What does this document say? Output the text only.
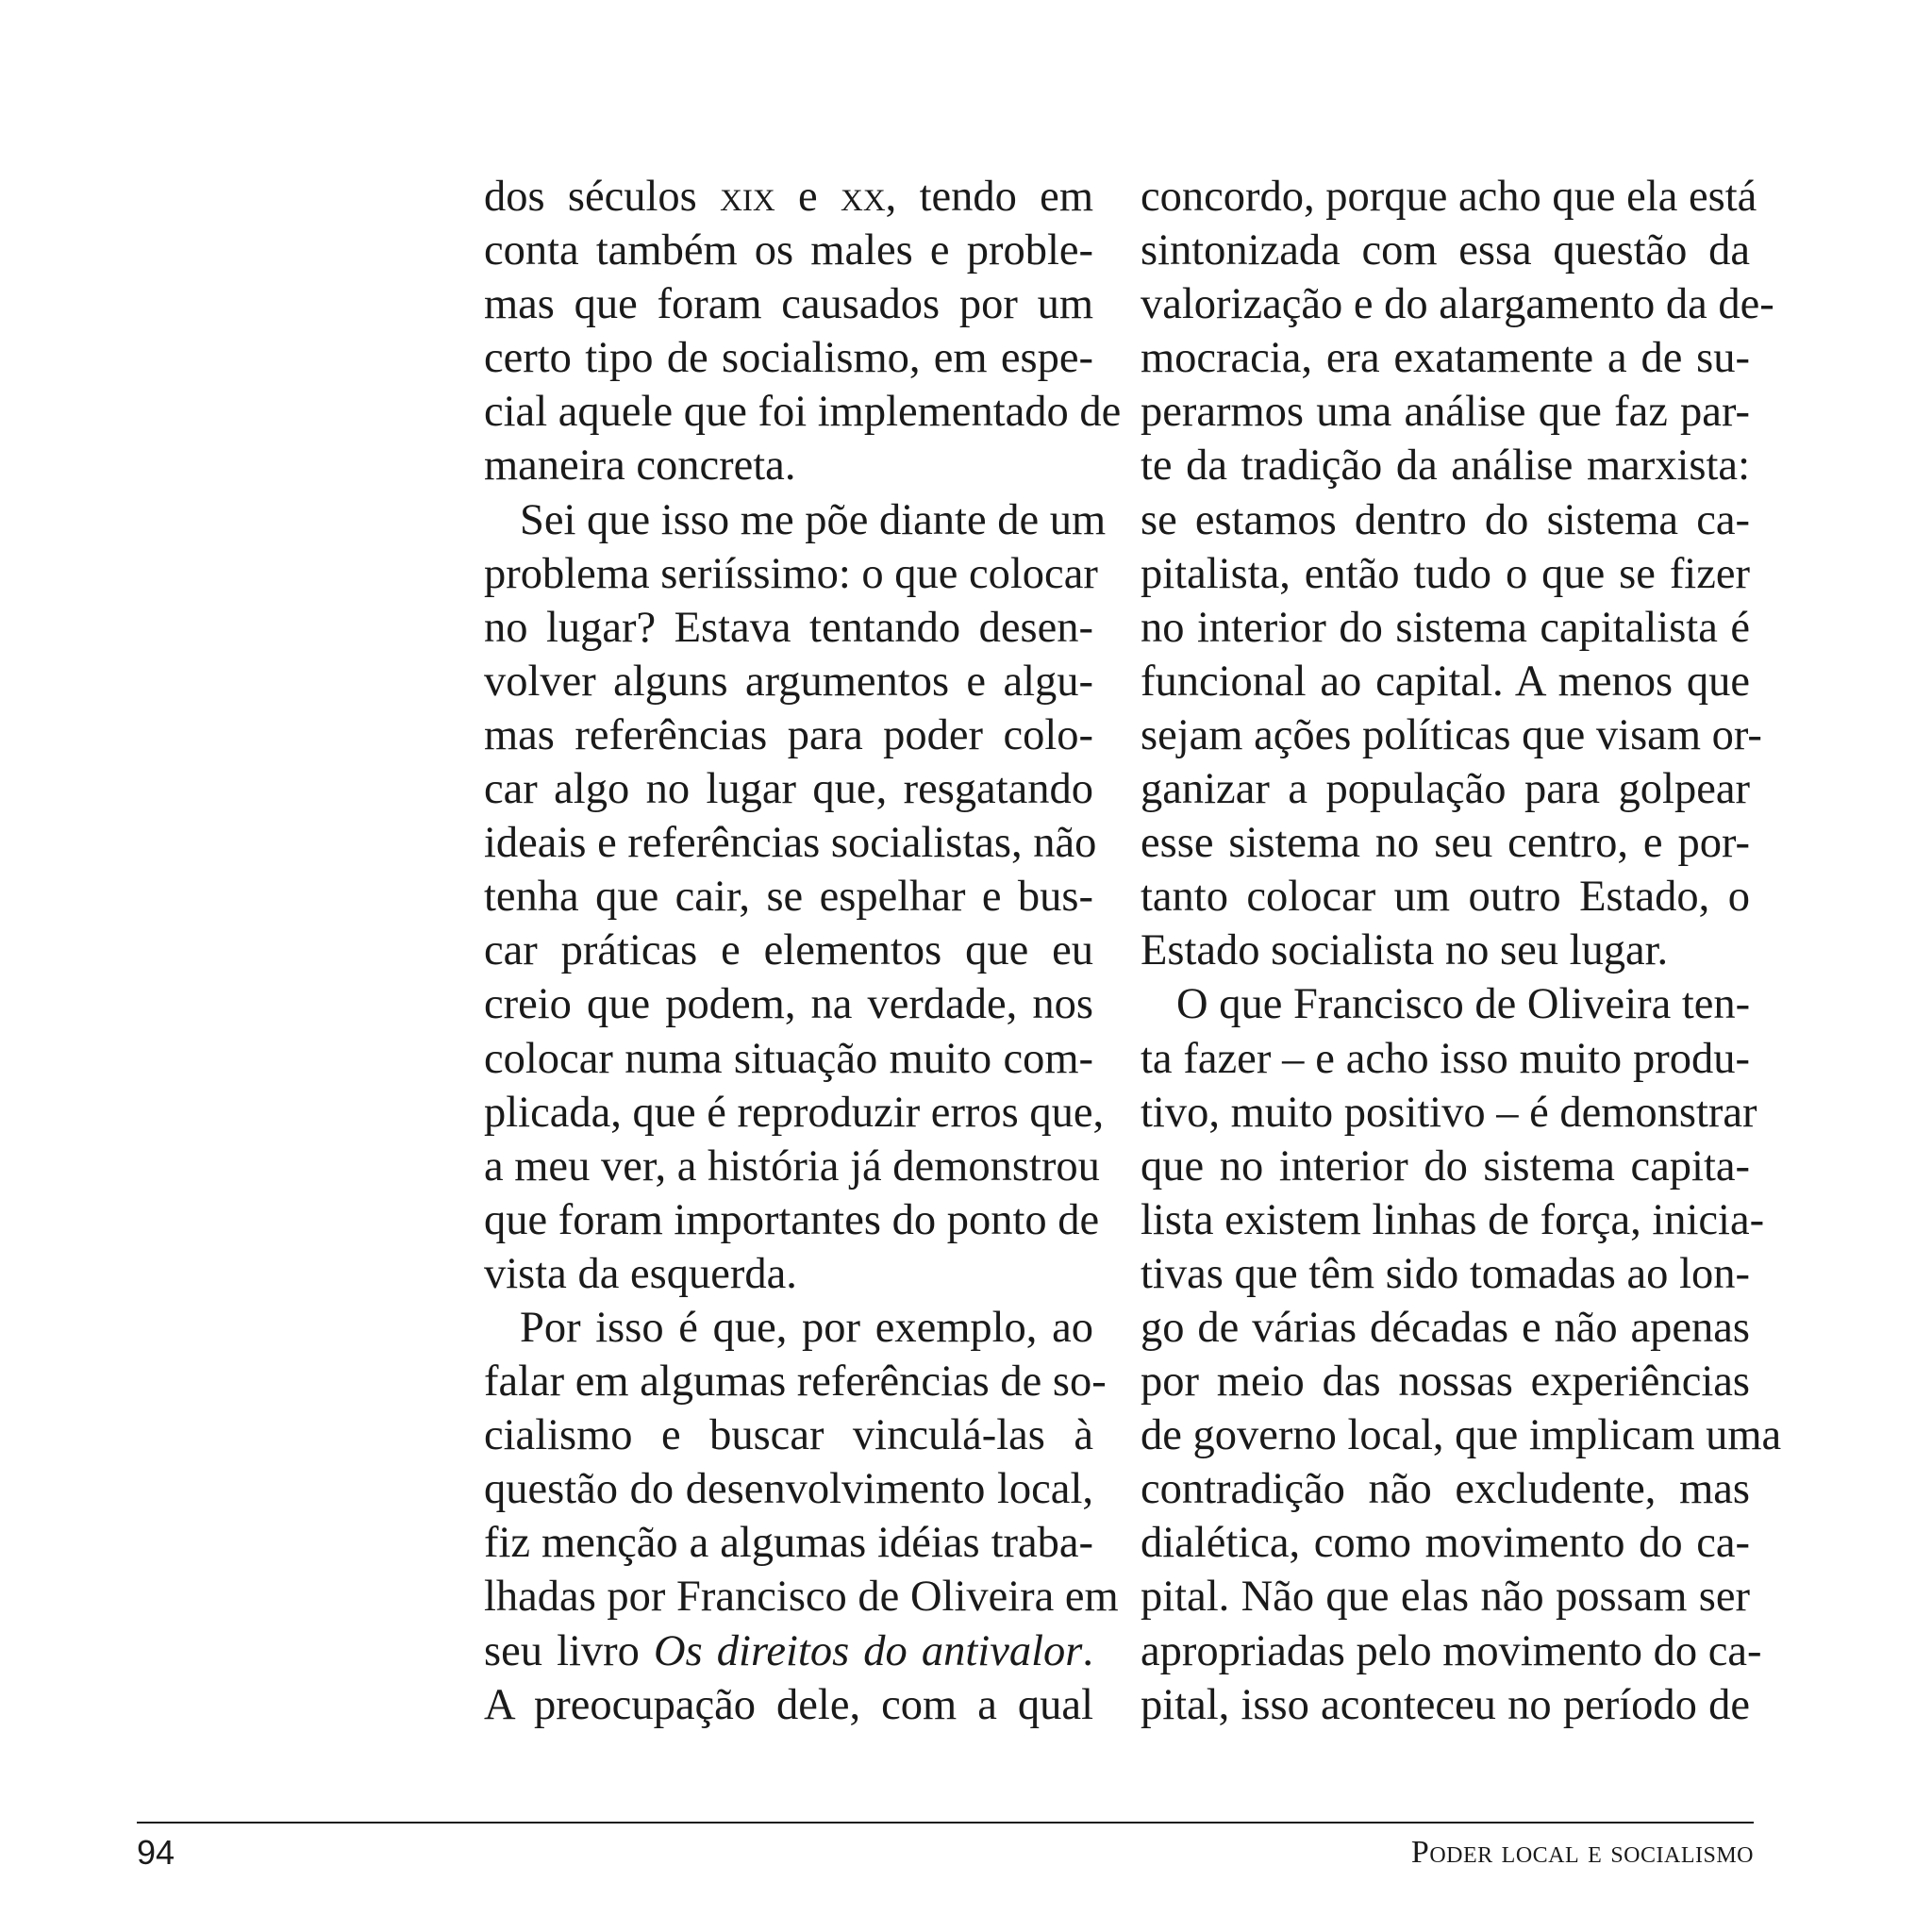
dos séculos xix e xx, tendo em
conta também os males e proble-
mas que foram causados por um
certo tipo de socialismo, em espe-
cial aquele que foi implementado de
maneira concreta.
Sei que isso me põe diante de um
problema seriíssimo: o que colocar
no lugar? Estava tentando desen-
volver alguns argumentos e algu-
mas referências para poder colo-
car algo no lugar que, resgatando
ideais e referências socialistas, não
tenha que cair, se espelhar e bus-
car práticas e elementos que eu
creio que podem, na verdade, nos
colocar numa situação muito com-
plicada, que é reproduzir erros que,
a meu ver, a história já demonstrou
que foram importantes do ponto de
vista da esquerda.
Por isso é que, por exemplo, ao
falar em algumas referências de so-
cialismo e buscar vinculá-las à
questão do desenvolvimento local,
fiz menção a algumas idéias traba-
lhadas por Francisco de Oliveira em
seu livro Os direitos do antivalor.
A preocupação dele, com a qual
concordo, porque acho que ela está
sintonizada com essa questão da
valorização e do alargamento da de-
mocracia, era exatamente a de su-
perarmos uma análise que faz par-
te da tradição da análise marxista:
se estamos dentro do sistema ca-
pitalista, então tudo o que se fizer
no interior do sistema capitalista é
funcional ao capital. A menos que
sejam ações políticas que visam or-
ganizar a população para golpear
esse sistema no seu centro, e por-
tanto colocar um outro Estado, o
Estado socialista no seu lugar.
O que Francisco de Oliveira ten-
ta fazer – e acho isso muito produ-
tivo, muito positivo – é demonstrar
que no interior do sistema capita-
lista existem linhas de força, inicia-
tivas que têm sido tomadas ao lon-
go de várias décadas e não apenas
por meio das nossas experiências
de governo local, que implicam uma
contradição não excludente, mas
dialética, como movimento do ca-
pital. Não que elas não possam ser
apropriadas pelo movimento do ca-
pital, isso aconteceu no período de
94	Poder local e socialismo
